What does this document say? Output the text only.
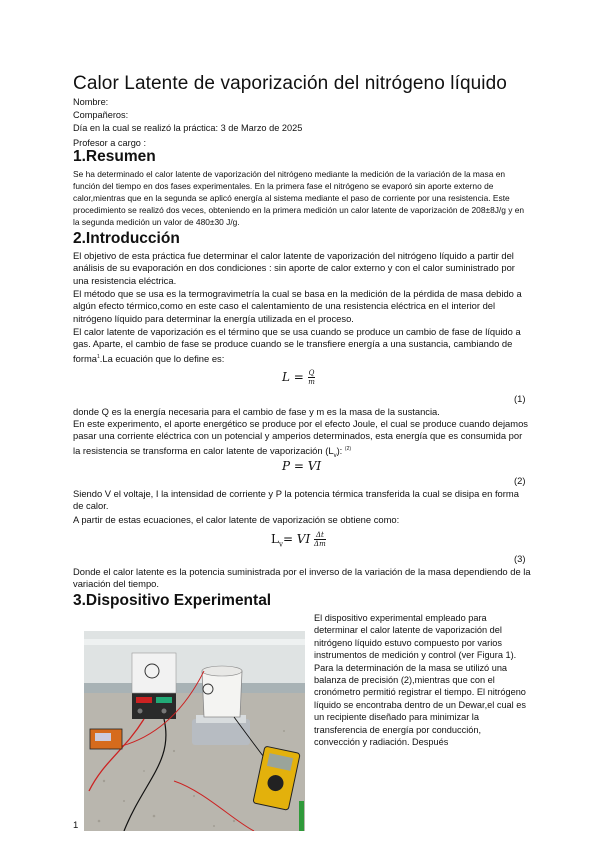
Calor Latente de vaporización del nitrógeno líquido
Nombre:
Compañeros:
Día en la cual se realizó la práctica: 3 de Marzo de 2025
Profesor a cargo :
1.Resumen

Se ha determinado el calor latente de vaporización del nitrógeno mediante la medición de la variación de la masa en función del tiempo en dos fases experimentales. En la primera fase el nitrógeno se evaporó sin aporte externo de calor,mientras que en la segunda se aplicó energía al sistema mediante el paso de corriente por una resistencia. Este procedimiento se realizó dos veces, obteniendo en la primera medición un calor latente de vaporización de 208±8J/g y en la segunda medición un valor de 480±30 J/g.

2.Introducción

El objetivo de esta práctica fue determinar el calor latente de vaporización del nitrógeno líquido a partir del análisis de su evaporación en dos condiciones : sin aporte de calor externo y con el calor suministrado por una resistencia eléctrica.

El método que se usa es la termogravimetría la cual se basa en la medición de la pérdida de masa debido a algún efecto térmico,como en este caso el calentamiento de una resistencia eléctrica en el interior del nitrógeno líquido para determinar la energía utilizada en el proceso.

El calor latente de vaporización es el término que se usa cuando se produce un cambio de fase de líquido a gas. Aparte, el cambio de fase se produce cuando se le transfiere energía a una sustancia, cambiando de forma$^1$.La ecuación que lo define es:

$L = \frac{Q}{m}$
(1)

donde Q es la energía necesaria para el cambio de fase y m es la masa de la sustancia.

En este experimento, el aporte energético se produce por el efecto Joule, el cual se produce cuando dejamos pasar una corriente eléctrica con un potencial y amperios determinados, esta energía que es consumida por la resistencia se transforma en calor latente de vaporización $(L_v)$: $^{(2)}$

P = VI
(2)

Siendo V el voltaje, I la intensidad de corriente y P la potencia térmica transferida la cual se disipa en forma de calor.

A partir de estas ecuaciones, el calor latente de vaporización se obtiene como:

$L_v=$ VI $\frac{\Delta t}{\Delta m}$
(3)

Donde el calor latente es la potencia suministrada por el inverso de la variación de la masa dependiendo de la variación del tiempo.

3.Dispositivo Experimental

El dispositivo experimental empleado para determinar el calor latente de vaporización del nitrógeno líquido estuvo compuesto por varios instrumentos de medición y control (ver Figura 1).
Para la determinación de la masa se utilizó una balanza de precisión (2),mientras que con el cronómetro permitió registrar el tiempo. El nitrógeno líquido se encontraba dentro de un Dewar,el cual es un recipiente diseñado para minimizar la transferencia de energía por conducción, convección y radiación. Después

1
